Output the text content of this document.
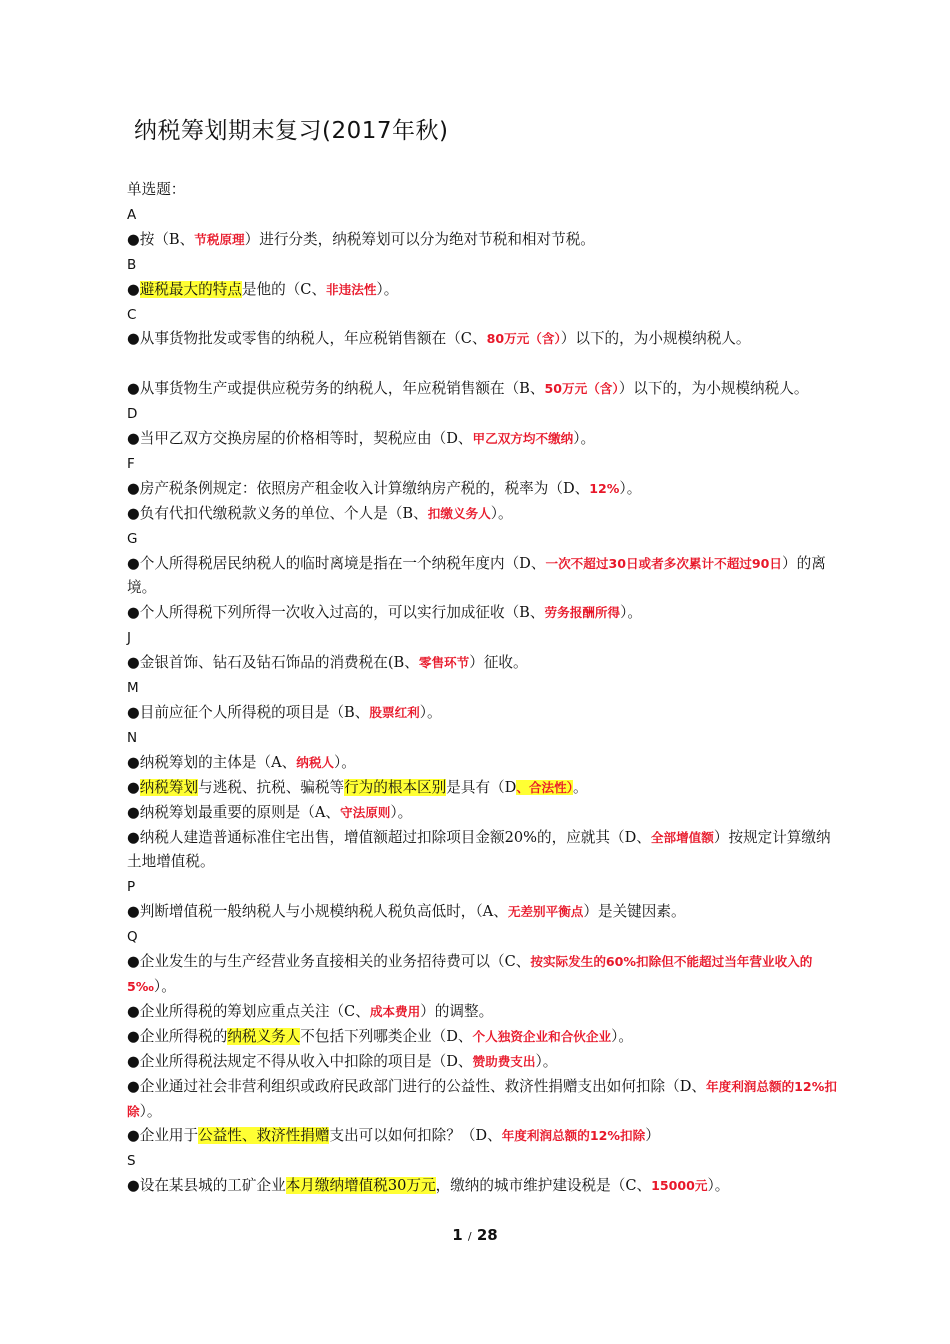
纳税筹划期末复习(2017年秋)
单选题：
A
●按（B、节税原理）进行分类，纳税筹划可以分为绝对节税和相对节税。
B
●避税最大的特点是他的（C、非违法性）。
C
●从事货物批发或零售的纳税人，年应税销售额在（C、80万元（含））以下的，为小规模纳税人。
●从事货物生产或提供应税劳务的纳税人，年应税销售额在（B、50万元（含））以下的，为小规模纳税人。
D
●当甲乙双方交换房屋的价格相等时，契税应由（D、甲乙双方均不缴纳）。
F
●房产税条例规定：依照房产租金收入计算缴纳房产税的，税率为（D、12%）。
●负有代扣代缴税款义务的单位、个人是（B、扣缴义务人）。
G
●个人所得税居民纳税人的临时离境是指在一个纳税年度内（D、一次不超过30日或者多次累计不超过90日）的离境。
●个人所得税下列所得一次收入过高的，可以实行加成征收（B、劳务报酬所得）。
J
●金银首饰、钻石及钻石饰品的消费税在(B、零售环节）征收。
M
●目前应征个人所得税的项目是（B、股票红利）。
N
●纳税筹划的主体是（A、纳税人）。
●纳税筹划与逃税、抗税、骗税等行为的根本区别是具有（D、合法性）。
●纳税筹划最重要的原则是（A、守法原则）。
●纳税人建造普通标准住宅出售，增值额超过扣除项目金额20%的，应就其（D、全部增值额）按规定计算缴纳土地增值税。
P
●判断增值税一般纳税人与小规模纳税人税负高低时，（A、无差别平衡点）是关键因素。
Q
●企业发生的与生产经营业务直接相关的业务招待费可以（C、按实际发生的60%扣除但不能超过当年营业收入的5‰）。
●企业所得税的筹划应重点关注（C、成本费用）的调整。
●企业所得税的纳税义务人不包括下列哪类企业（D、个人独资企业和合伙企业）。
●企业所得税法规定不得从收入中扣除的项目是（D、赞助费支出）。
●企业通过社会非营利组织或政府民政部门进行的公益性、救济性捐赠支出如何扣除（D、年度利润总额的12%扣除）。
●企业用于公益性、救济性捐赠支出可以如何扣除？（D、年度利润总额的12%扣除）
S
●设在某县城的工矿企业本月缴纳增值税30万元，缴纳的城市维护建设税是（C、15000元）。
1 / 28
